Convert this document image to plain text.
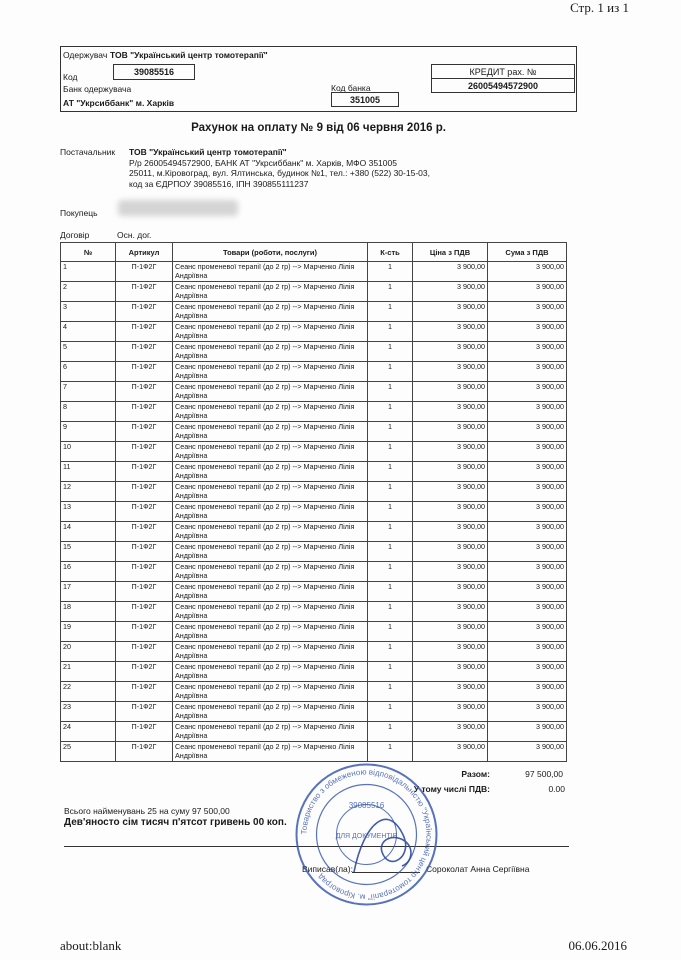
Стр. 1 из 1
Одержувач ТОВ "Український центр томотерапії"
Код	39085516
Банк одержувача
АТ "Укрсиббанк" м. Харків
Код банка
351005
КРЕДИТ рах. №
26005494572900
Рахунок на оплату № 9 від 06 червня 2016 р.
Постачальник ТОВ "Український центр томотерапії"
Р/р 26005494572900, БАНК АТ "Укрсиббанк" м. Харків, МФО 351005
25011, м.Кіровоград, вул. Ялтинська, будинок №1, тел.: +380 (522) 30-15-03,
код за ЄДРПОУ 39085516, ІПН 390855111237
Покупець
Договір	Осн. дог.
№	Артикул	Товари (роботи, послуги)	К-сть	Ціна з ПДВ	Сума з ПДВ
1	П-1Ф2Г	Сеанс променевої терапії (до 2 гр) --> Марченко Лілія Андріївна	1	3 900,00	3 900,00
2	П-1Ф2Г	Сеанс променевої терапії (до 2 гр) --> Марченко Лілія Андріївна	1	3 900,00	3 900,00
3	П-1Ф2Г	Сеанс променевої терапії (до 2 гр) --> Марченко Лілія Андріївна	1	3 900,00	3 900,00
4	П-1Ф2Г	Сеанс променевої терапії (до 2 гр) --> Марченко Лілія Андріївна	1	3 900,00	3 900,00
5	П-1Ф2Г	Сеанс променевої терапії (до 2 гр) --> Марченко Лілія Андріївна	1	3 900,00	3 900,00
6	П-1Ф2Г	Сеанс променевої терапії (до 2 гр) --> Марченко Лілія Андріївна	1	3 900,00	3 900,00
7	П-1Ф2Г	Сеанс променевої терапії (до 2 гр) --> Марченко Лілія Андріївна	1	3 900,00	3 900,00
8	П-1Ф2Г	Сеанс променевої терапії (до 2 гр) --> Марченко Лілія Андріївна	1	3 900,00	3 900,00
9	П-1Ф2Г	Сеанс променевої терапії (до 2 гр) --> Марченко Лілія Андріївна	1	3 900,00	3 900,00
10	П-1Ф2Г	Сеанс променевої терапії (до 2 гр) --> Марченко Лілія Андріївна	1	3 900,00	3 900,00
11	П-1Ф2Г	Сеанс променевої терапії (до 2 гр) --> Марченко Лілія Андріївна	1	3 900,00	3 900,00
12	П-1Ф2Г	Сеанс променевої терапії (до 2 гр) --> Марченко Лілія Андріївна	1	3 900,00	3 900,00
13	П-1Ф2Г	Сеанс променевої терапії (до 2 гр) --> Марченко Лілія Андріївна	1	3 900,00	3 900,00
14	П-1Ф2Г	Сеанс променевої терапії (до 2 гр) --> Марченко Лілія Андріївна	1	3 900,00	3 900,00
15	П-1Ф2Г	Сеанс променевої терапії (до 2 гр) --> Марченко Лілія Андріївна	1	3 900,00	3 900,00
16	П-1Ф2Г	Сеанс променевої терапії (до 2 гр) --> Марченко Лілія Андріївна	1	3 900,00	3 900,00
17	П-1Ф2Г	Сеанс променевої терапії (до 2 гр) --> Марченко Лілія Андріївна	1	3 900,00	3 900,00
18	П-1Ф2Г	Сеанс променевої терапії (до 2 гр) --> Марченко Лілія Андріївна	1	3 900,00	3 900,00
19	П-1Ф2Г	Сеанс променевої терапії (до 2 гр) --> Марченко Лілія Андріївна	1	3 900,00	3 900,00
20	П-1Ф2Г	Сеанс променевої терапії (до 2 гр) --> Марченко Лілія Андріївна	1	3 900,00	3 900,00
21	П-1Ф2Г	Сеанс променевої терапії (до 2 гр) --> Марченко Лілія Андріївна	1	3 900,00	3 900,00
22	П-1Ф2Г	Сеанс променевої терапії (до 2 гр) --> Марченко Лілія Андріївна	1	3 900,00	3 900,00
23	П-1Ф2Г	Сеанс променевої терапії (до 2 гр) --> Марченко Лілія Андріївна	1	3 900,00	3 900,00
24	П-1Ф2Г	Сеанс променевої терапії (до 2 гр) --> Марченко Лілія Андріївна	1	3 900,00	3 900,00
25	П-1Ф2Г	Сеанс променевої терапії (до 2 гр) --> Марченко Лілія Андріївна	1	3 900,00	3 900,00
Разом:	97 500,00
У тому числі ПДВ:	0.00
Всього найменувань 25 на суму 97 500,00
Дев'яносто сім тисяч п'ятсот гривень 00 коп.
Виписав(ла):	Сороколат Анна Сергіївна
Товариство з обмеженою відповідальністю "Український центр томотерапії" м. Кіровоград
39085516
ДЛЯ ДОКУМЕНТІВ
about:blank	06.06.2016
